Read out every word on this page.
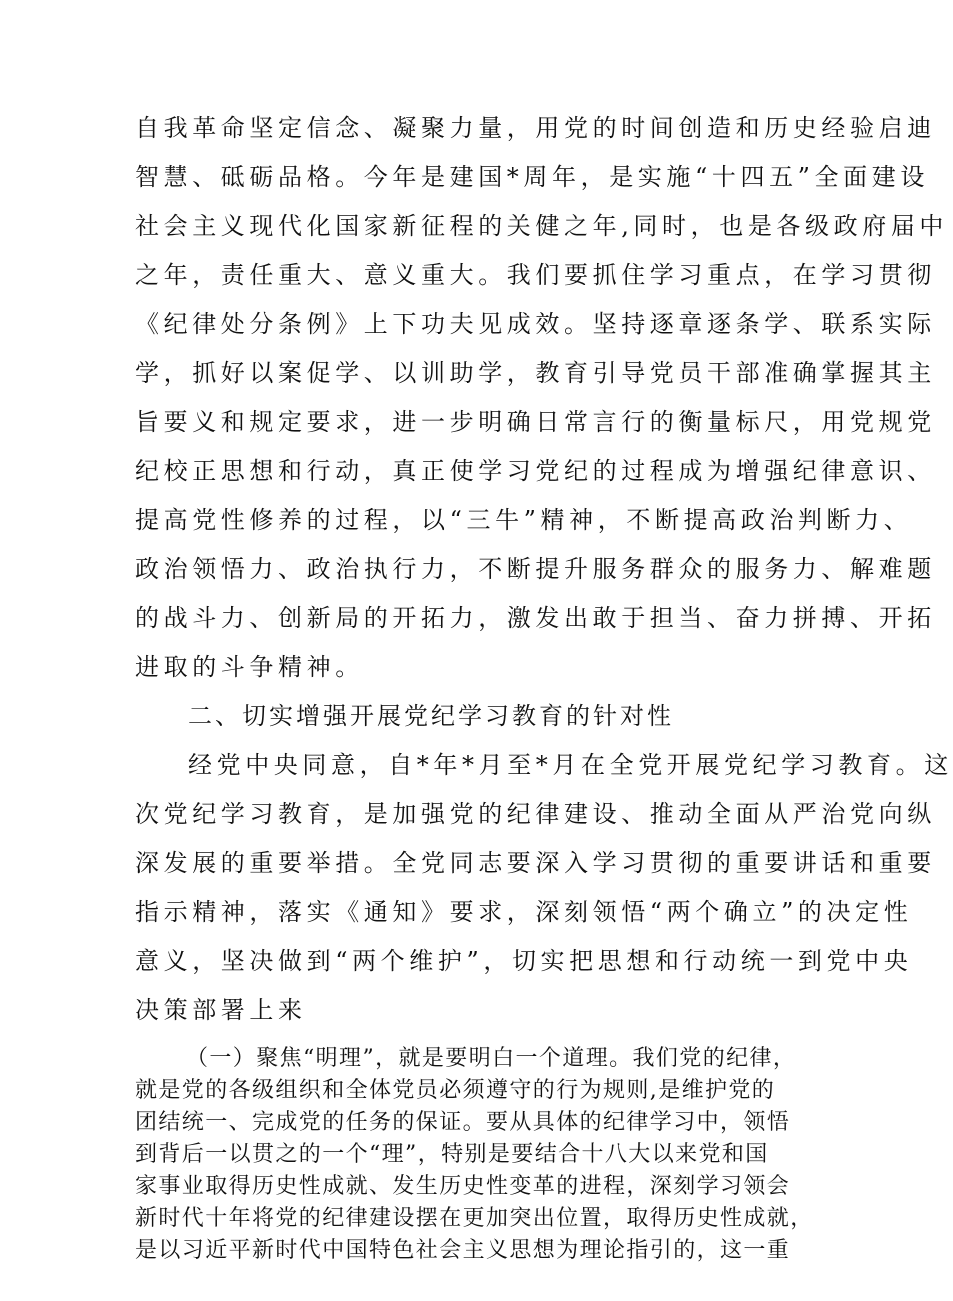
自我革命坚定信念、凝聚力量，用党的时间创造和历史经验启迪
智慧、砥砺品格。今年是建国*周年，是实施“十四五”全面建设
社会主义现代化国家新征程的关健之年,同时，也是各级政府届中
之年，责任重大、意义重大。我们要抓住学习重点，在学习贯彻
《纪律处分条例》上下功夫见成效。坚持逐章逐条学、联系实际
学，抓好以案促学、以训助学，教育引导党员干部准确掌握其主
旨要义和规定要求，进一步明确日常言行的衡量标尺，用党规党
纪校正思想和行动，真正使学习党纪的过程成为增强纪律意识、
提高党性修养的过程，以“三牛”精神，不断提高政治判断力、
政治领悟力、政治执行力，不断提升服务群众的服务力、解难题
的战斗力、创新局的开拓力，激发出敢于担当、奋力拼搏、开拓
进取的斗争精神。
二、切实增强开展党纪学习教育的针对性
经党中央同意，自*年*月至*月在全党开展党纪学习教育。这
次党纪学习教育，是加强党的纪律建设、推动全面从严治党向纵
深发展的重要举措。全党同志要深入学习贯彻的重要讲话和重要
指示精神，落实《通知》要求，深刻领悟“两个确立”的决定性
意义，坚决做到“两个维护”，切实把思想和行动统一到党中央
决策部署上来
（一）聚焦“明理”，就是要明白一个道理。我们党的纪律，
就是党的各级组织和全体党员必须遵守的行为规则,是维护党的
团结统一、完成党的任务的保证。要从具体的纪律学习中，领悟
到背后一以贯之的一个“理”，特别是要结合十八大以来党和国
家事业取得历史性成就、发生历史性变革的进程，深刻学习领会
新时代十年将党的纪律建设摆在更加突出位置，取得历史性成就，
是以习近平新时代中国特色社会主义思想为理论指引的，这一重
